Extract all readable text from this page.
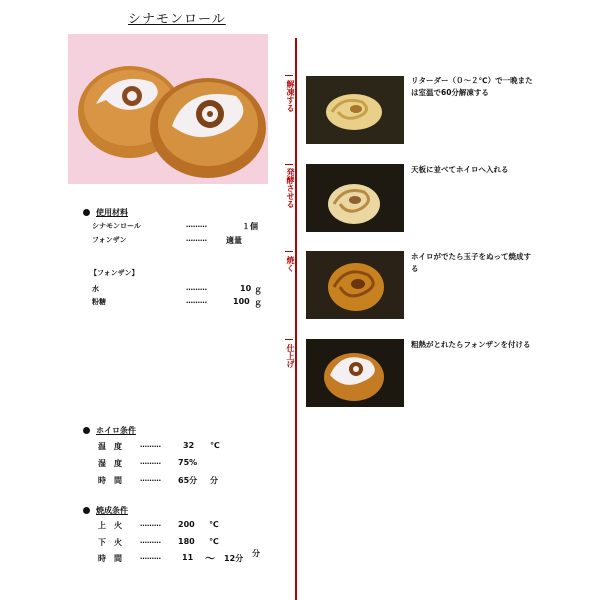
シナモンロール
使用材料
シナモンロール	………	１個
フォンザン	……… 適量
【フォンザン】
水	………	10 ｇ
粉糖	………	100 ｇ
ホイロ条件
温　度	………	32 ℃
湿　度	……… 75%
時　間	……… 65分 分
焼成条件
上　火	……… 200 ℃
下　火	……… 180 ℃
時　間	………	11 ～ 12分
分
解凍する	リターダー（０～２℃）で一晩または室温で60分解凍する
発酵させる	天板に並べてホイロへ入れる
焼く	ホイロがでたら玉子をぬって焼成する
仕上げ	粗熱がとれたらフォンザンを付ける
